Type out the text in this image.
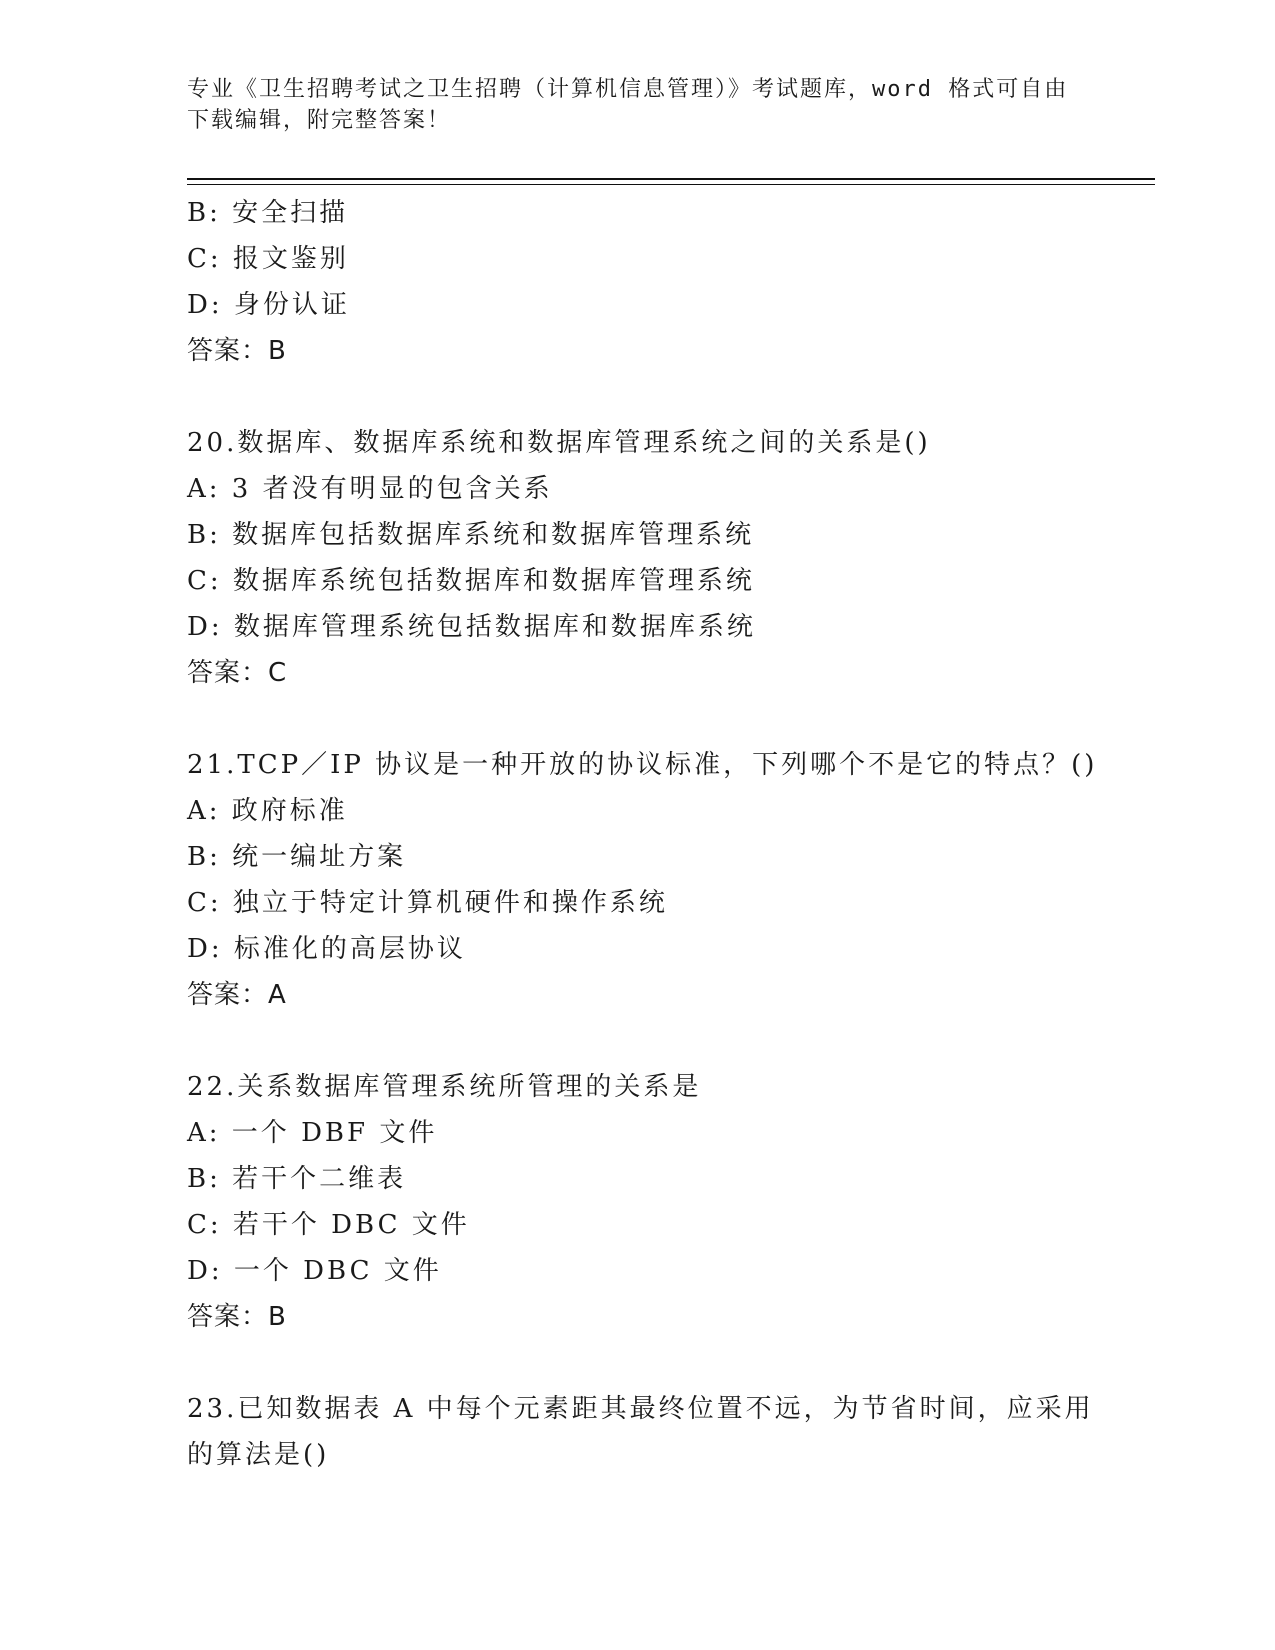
专业《卫生招聘考试之卫生招聘（计算机信息管理）》考试题库，word 格式可自由下载编辑，附完整答案！
B: 安全扫描
C: 报文鉴别
D: 身份认证
答案：B
20.数据库、数据库系统和数据库管理系统之间的关系是()
A: 3 者没有明显的包含关系
B: 数据库包括数据库系统和数据库管理系统
C: 数据库系统包括数据库和数据库管理系统
D: 数据库管理系统包括数据库和数据库系统
答案：C
21.TCP／IP 协议是一种开放的协议标准，下列哪个不是它的特点？()
A: 政府标准
B: 统一编址方案
C: 独立于特定计算机硬件和操作系统
D: 标准化的高层协议
答案：A
22.关系数据库管理系统所管理的关系是
A: 一个 DBF 文件
B: 若干个二维表
C: 若干个 DBC 文件
D: 一个 DBC 文件
答案：B
23.已知数据表 A 中每个元素距其最终位置不远，为节省时间，应采用
的算法是()
